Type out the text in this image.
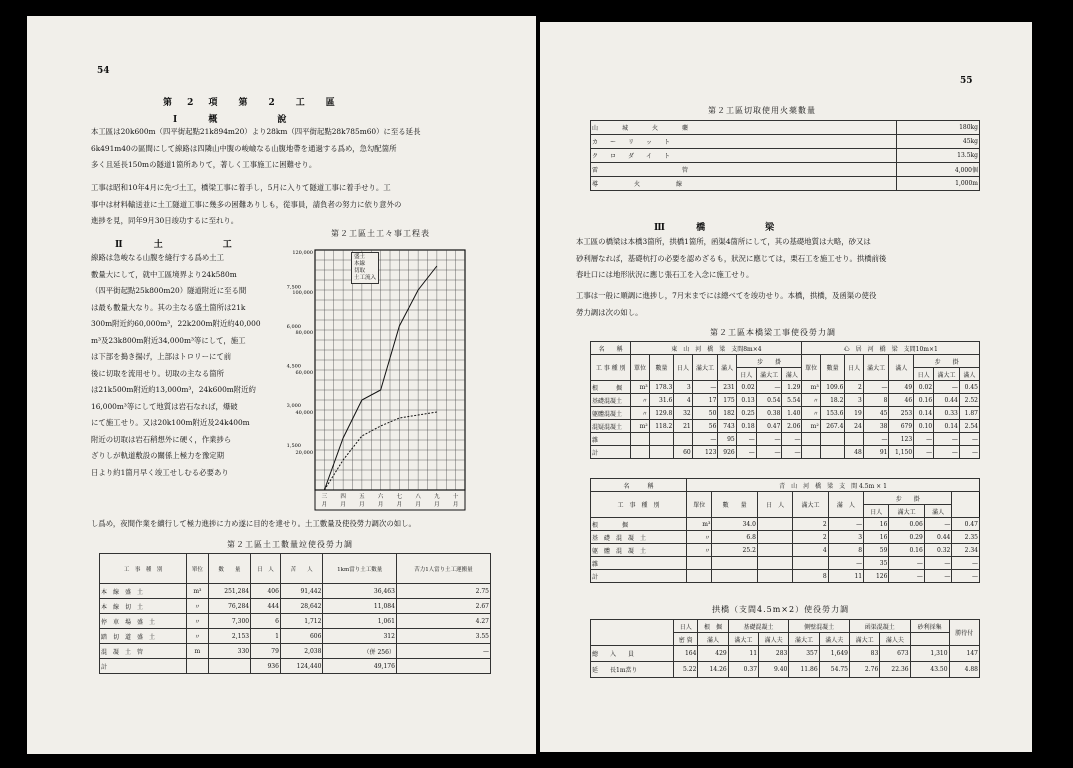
54
第 2 項　第　2　工　區
Ⅰ 概　　說
本工區は20k600m（四平街起點21k894m20）より28km（四平街起點28k785m60）に至る延長
6k491m40の區間にして線路は四隣山中腹の峻嶮なる山腹地帶を通過する爲め，急勾配箇所
多く且延長150mの隧道1箇所ありて，著しく工事施工に困難せり。
工事は昭和10年4月に先づ土工，橋梁工事に着手し，5月に入りて隧道工事に着手せり。工
事中は材料輸送並に土工隧道工事に幾多の困難ありしも，從事員，請負者の努力に依り意外の
進捗を見，同年9月30日竣功するに至れり。
Ⅱ 土　　工
線路は急峻なる山腹を縫行する爲め土工
數量大にして，就中工區境界より24k580m
（四平街起點25k800m20）隧道附近に至る間
は最も數量大なり。其の主なる盛土箇所は21k
300m附近約60,000m³，22k200m附近約40,000
m³及23k800m附近34,000m³等にして，施工
は下部を搗き揚げ，上部はトロリーにて前
後に切取を流用せり。切取の主なる箇所
は21k500m附近約13,000m³，24k600m附近約
16,000m³等にして地質は岩石なれば，爆破
にて施工せり。又は20k100m附近及24k400m
附近の切取は岩石稍想外に硬く，作業捗ら
ざりしが軌道敷設の關係上極力を豫定期
日より約1箇月早く竣工せしむる必要あり
し爲め，夜間作業を續行して極力進捗に力め遂に目的を達せり。土工數量及使役勞力調次の如し。
第２工區土工々事工程表
120,000
100,000
80,000
60,000
40,000
20,000
7,500
6,000
4,500
3,000
1,500
三
月
四
月
五
月
六
月
七
月
八
月
九
月
十
月
盛土
本線
切取
土工流入
第２工區土工數量竝使役勞力調
工　事　種　別	單位	數　　量	日　人	苦　　人	1km當り土工數量	苦力1人當り土工運搬量
本　線　盛　土	m³	251,284	406	91,442	36,463	2.75
本　線　切　土	〃	76,284	444	28,642	11,084	2.67
停　車　場　盛　土	〃	7,300	6	1,712	1,061	4.27
踏　切　道　盛　土	〃	2,153	1	606	312	3.55
混　凝　土　管	m	330	79	2,038	（併 256）	—
計			936	124,440	49,176	
55
第２工區切取使用火薬數量
山　　　　城　　　　火　　　　藥	180kg
カ　　ー　　リ　　ッ　　ト	45kg
ク　　ロ　　ダ　　イ　　ト	13.5kg
雷　　　　　　　　　　　　　　管	4,000個
導　　　　　　火　　　　　　線	1,000m
Ⅲ 橋　　梁
本工區の橋梁は本橋3箇所，拱橋1箇所，函渠4箇所にして，其の基礎地質は大略，砂又は
砂利層なれば，基礎杭打の必要を認めざるも，狀況に應じては，栗石工を施工せり。拱橋前後
春吐口には地形狀況に應じ張石工を入念に施工せり。
工事は一般に順調に進捗し，7月末までには總べてを竣功せり。本橋，拱橋，及函渠の使役
勞力調は次の如し。
第２工區本橋梁工事使役勞力調
名　　稱	東　山　河　橋　梁　支間8m×4								心　居　河　橋　梁　支間10m×1							
工 事 種 別	單位	數量	日人	滿大工	滿人	步　　掛			單位	數量	日人	滿大工	滿人	步　　掛		
						日人	滿大工	滿人						日人	滿大工	滿人
根　　　掘	m³	178.3	3	—	231	0.02	—	1.29	m³	109.6	2	—	49	0.02	—	0.45
基礎混凝土	〃	31.6	4	17	175	0.13	0.54	5.54	〃	18.2	3	8	46	0.16	0.44	2.52
躯體混凝土	〃	129.8	32	50	182	0.25	0.38	1.40	〃	153.6	19	45	253	0.14	0.33	1.87
混疑混凝土	m²	118.2	21	56	743	0.18	0.47	2.06	m²	267.4	24	38	679	0.10	0.14	2.54
雜				—	95	—	—	—				—	123	—	—	—
計			60	123	926	—	—	—			48	91	1,150	—	—	—
名　　　稱	青　山　河　橋　梁　支　間 4.5m × 1								
工　事　種　別	單位	數　　量	日　人	滿大工	滿　人	步　　掛			
						日人	滿大工	滿人	
根　　　　掘	m³	34.0		2	—	16	0.06	—	0.47
基　礎　混　凝　土	〃	6.8		2	3	16	0.29	0.44	2.35
躯　體　混　凝　土	〃	25.2		4	8	59	0.16	0.32	2.34
雜					—	35	—	—	—
計				8	11	126	—	—	—
拱橋（支間4.5m×2）使役勞力調
	日人	根　掘	基礎混凝土		側壁混凝土		函渠混凝土		砂利採集	勝待付
	密 資	滿人	滿大工	滿人夫	滿大工	滿人夫	滿大工	滿人夫		

總　　入　　員	164	429	11	283	357	1,649	83	673	1,310	147
延　　長1m當り	5.22	14.26	0.37	9.40	11.86	54.75	2.76	22.36	43.50	4.88
